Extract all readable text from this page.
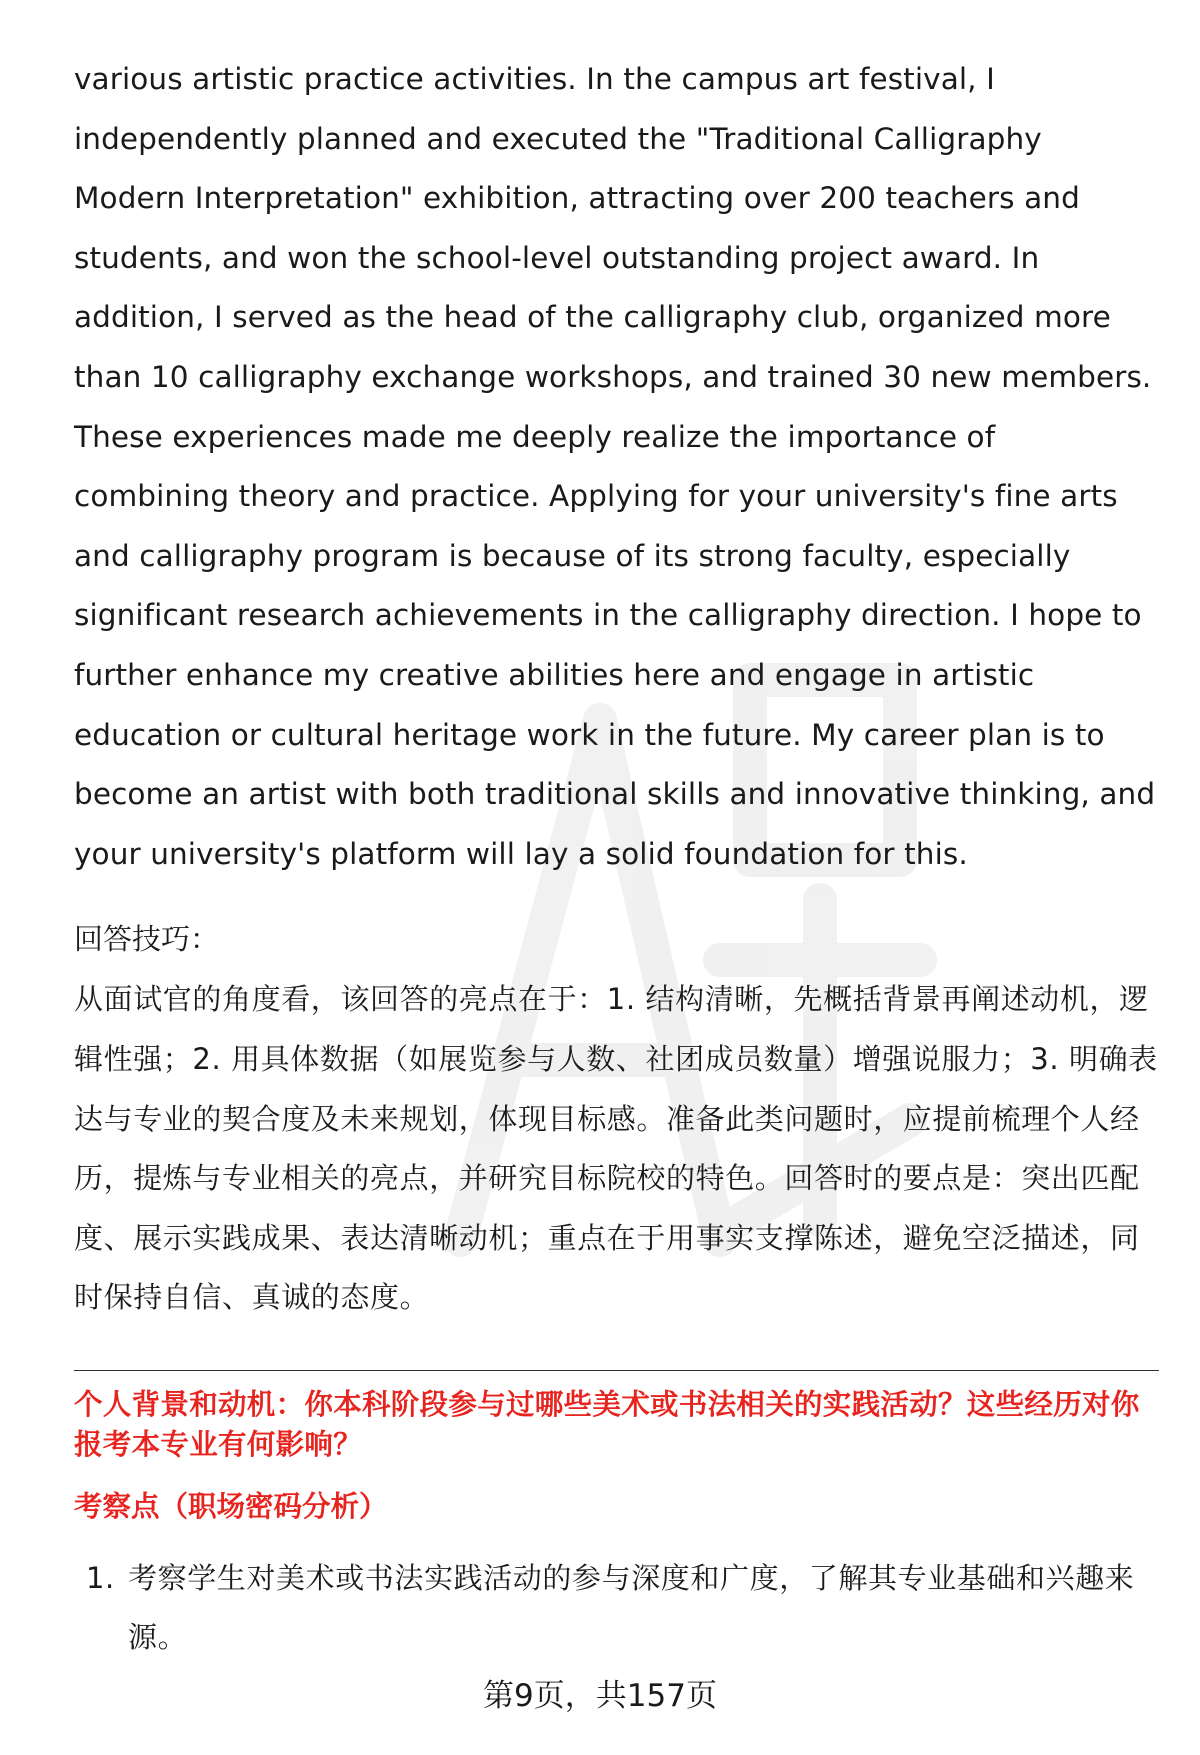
various artistic practice activities. In the campus art festival, I independently planned and executed the "Traditional Calligraphy Modern Interpretation" exhibition, attracting over 200 teachers and students, and won the school-level outstanding project award. In addition, I served as the head of the calligraphy club, organized more than 10 calligraphy exchange workshops, and trained 30 new members. These experiences made me deeply realize the importance of combining theory and practice. Applying for your university's fine arts and calligraphy program is because of its strong faculty, especially significant research achievements in the calligraphy direction. I hope to further enhance my creative abilities here and engage in artistic education or cultural heritage work in the future. My career plan is to become an artist with both traditional skills and innovative thinking, and your university's platform will lay a solid foundation for this.

回答技巧：

从面试官的角度看，该回答的亮点在于：1. 结构清晰，先概括背景再阐述动机，逻辑性强；2. 用具体数据（如展览参与人数、社团成员数量）增强说服力；3. 明确表达与专业的契合度及未来规划，体现目标感。准备此类问题时，应提前梳理个人经历，提炼与专业相关的亮点，并研究目标院校的特色。回答时的要点是：突出匹配度、展示实践成果、表达清晰动机；重点在于用事实支撑陈述，避免空泛描述，同时保持自信、真诚的态度。

个人背景和动机：你本科阶段参与过哪些美术或书法相关的实践活动？这些经历对你报考本专业有何影响？
考察点（职场密码分析）
1. 考察学生对美术或书法实践活动的参与深度和广度，了解其专业基础和兴趣来源。
第9页，共157页
